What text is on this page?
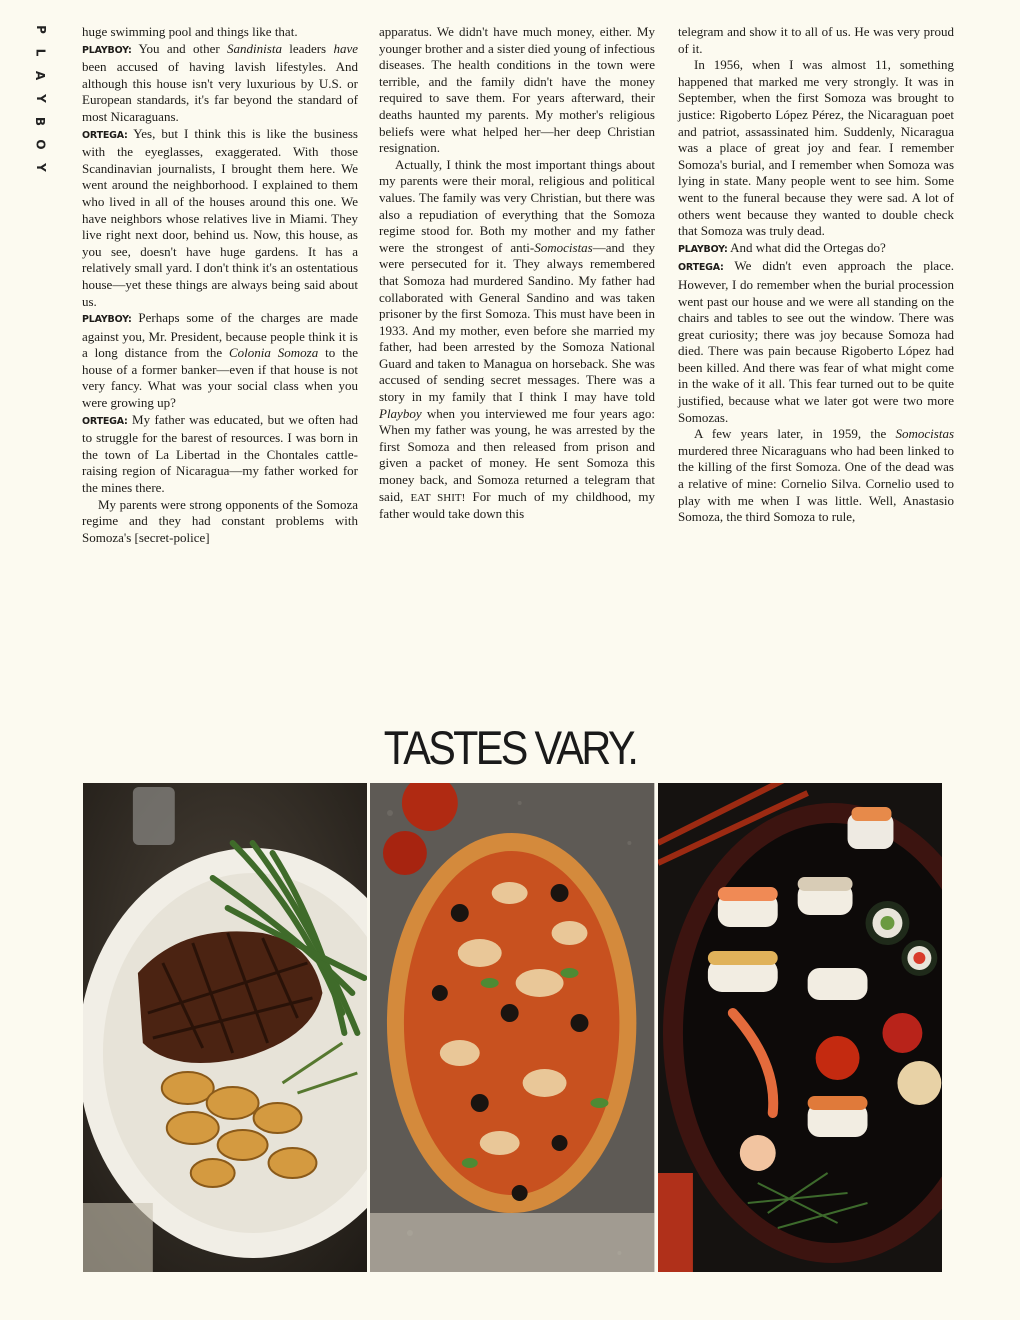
P
L
A
Y
B
O
Y

huge swimming pool and things like that.

PLAYBOY: You and other Sandinista leaders have been accused of having lavish lifestyles. And although this house isn't very luxurious by U.S. or European standards, it's far beyond the standard of most Nicaraguans.

ORTEGA: Yes, but I think this is like the business with the eyeglasses, exaggerated. With those Scandinavian journalists, I brought them here. We went around the neighborhood. I explained to them who lived in all of the houses around this one. We have neighbors whose relatives live in Miami. They live right next door, behind us. Now, this house, as you see, doesn't have huge gardens. It has a relatively small yard. I don't think it's an ostentatious house—yet these things are always being said about us.

PLAYBOY: Perhaps some of the charges are made against you, Mr. President, because people think it is a long distance from the Colonia Somoza to the house of a former banker—even if that house is not very fancy. What was your social class when you were growing up?

ORTEGA: My father was educated, but we often had to struggle for the barest of resources. I was born in the town of La Libertad in the Chontales cattle-raising region of Nicaragua—my father worked for the mines there.

My parents were strong opponents of the Somoza regime and they had constant problems with Somoza's [secret-police]

apparatus. We didn't have much money, either. My younger brother and a sister died young of infectious diseases. The health conditions in the town were terrible, and the family didn't have the money required to save them. For years afterward, their deaths haunted my parents. My mother's religious beliefs were what helped her—her deep Christian resignation.

Actually, I think the most important things about my parents were their moral, religious and political values. The family was very Christian, but there was also a repudiation of everything that the Somoza regime stood for. Both my mother and my father were the strongest of anti-Somocistas—and they were persecuted for it. They always remembered that Somoza had murdered Sandino. My father had collaborated with General Sandino and was taken prisoner by the first Somoza. This must have been in 1933. And my mother, even before she married my father, had been arrested by the Somoza National Guard and taken to Managua on horseback. She was accused of sending secret messages. There was a story in my family that I think I may have told Playboy when you interviewed me four years ago: When my father was young, he was arrested by the first Somoza and then released from prison and given a packet of money. He sent Somoza this money back, and Somoza returned a telegram that said, EAT SHIT! For much of my childhood, my father would take down this

telegram and show it to all of us. He was very proud of it.

In 1956, when I was almost 11, something happened that marked me very strongly. It was in September, when the first Somoza was brought to justice: Rigoberto López Pérez, the Nicaraguan poet and patriot, assassinated him. Suddenly, Nicaragua was a place of great joy and fear. I remember Somoza's burial, and I remember when Somoza was lying in state. Many people went to see him. Some went to the funeral because they were sad. A lot of others went because they wanted to double check that Somoza was truly dead.

PLAYBOY: And what did the Ortegas do?

ORTEGA: We didn't even approach the place. However, I do remember when the burial procession went past our house and we were all standing on the chairs and tables to see out the window. There was great curiosity; there was joy because Somoza had died. There was pain because Rigoberto López had been killed. And there was fear of what might come in the wake of it all. This fear turned out to be quite justified, because what we later got were two more Somozas.

A few years later, in 1959, the Somocistas murdered three Nicaraguans who had been linked to the killing of the first Somoza. One of the dead was a relative of mine: Cornelio Silva. Cornelio used to play with me when I was little. Well, Anastasio Somoza, the third Somoza to rule,

TASTES VARY.
